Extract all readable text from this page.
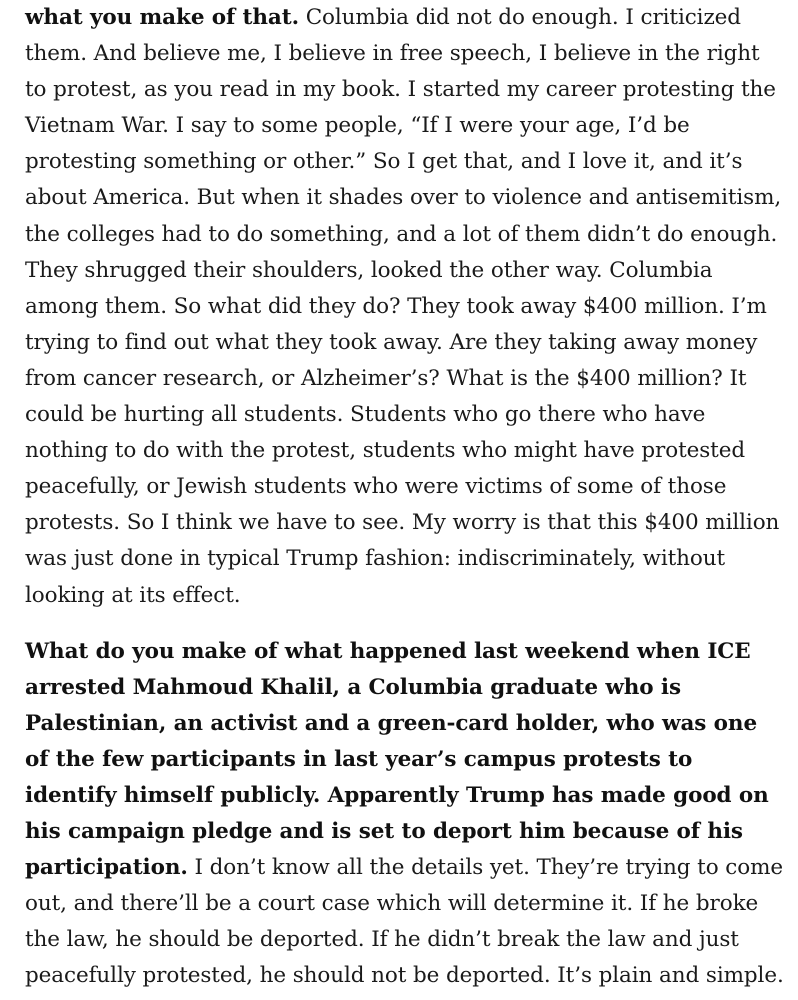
what you make of that. Columbia did not do enough. I criticized them. And believe me, I believe in free speech, I believe in the right to protest, as you read in my book. I started my career protesting the Vietnam War. I say to some people, “If I were your age, I’d be protesting something or other.” So I get that, and I love it, and it’s about America. But when it shades over to violence and antisemitism, the colleges had to do something, and a lot of them didn’t do enough. They shrugged their shoulders, looked the other way. Columbia among them. So what did they do? They took away $400 million. I’m trying to find out what they took away. Are they taking away money from cancer research, or Alzheimer’s? What is the $400 million? It could be hurting all students. Students who go there who have nothing to do with the protest, students who might have protested peacefully, or Jewish students who were victims of some of those protests. So I think we have to see. My worry is that this $400 million was just done in typical Trump fashion: indiscriminately, without looking at its effect.

What do you make of what happened last weekend when ICE arrested Mahmoud Khalil, a Columbia graduate who is Palestinian, an activist and a green-card holder, who was one of the few participants in last year’s campus protests to identify himself publicly. Apparently Trump has made good on his campaign pledge and is set to deport him because of his participation. I don’t know all the details yet. They’re trying to come out, and there’ll be a court case which will determine it. If he broke the law, he should be deported. If he didn’t break the law and just peacefully protested, he should not be deported. It’s plain and simple.
